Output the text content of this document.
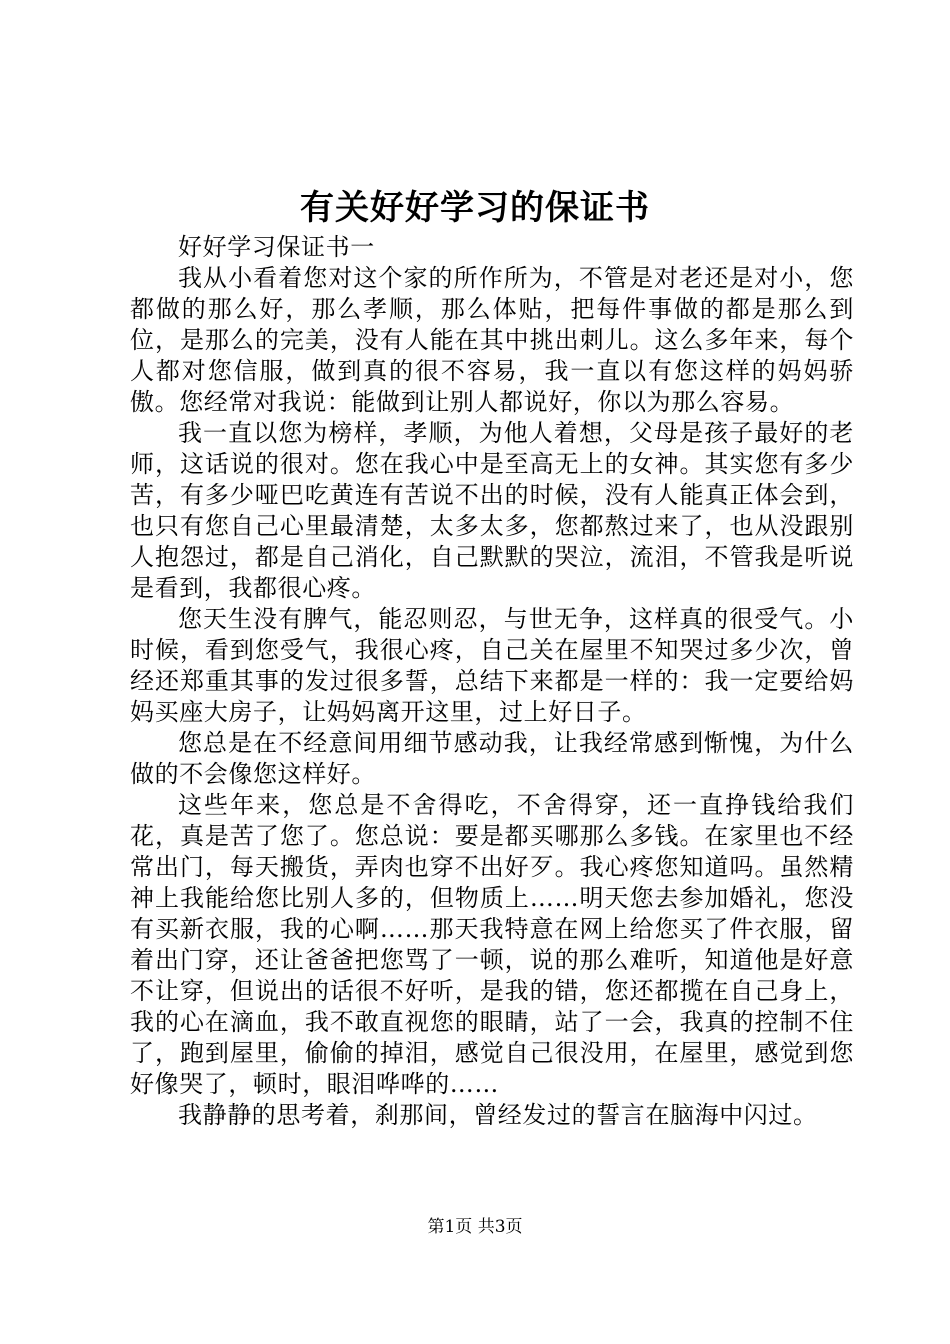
有关好好学习的保证书

好好学习保证书一

我从小看着您对这个家的所作所为，不管是对老还是对小，您都做的那么好，那么孝顺，那么体贴，把每件事做的都是那么到位，是那么的完美，没有人能在其中挑出刺儿。这么多年来，每个人都对您信服，做到真的很不容易，我一直以有您这样的妈妈骄傲。您经常对我说：能做到让别人都说好，你以为那么容易。

我一直以您为榜样，孝顺，为他人着想，父母是孩子最好的老师，这话说的很对。您在我心中是至高无上的女神。其实您有多少苦，有多少哑巴吃黄连有苦说不出的时候，没有人能真正体会到，也只有您自己心里最清楚，太多太多，您都熬过来了，也从没跟别人抱怨过，都是自己消化，自己默默的哭泣，流泪，不管我是听说是看到，我都很心疼。

您天生没有脾气，能忍则忍，与世无争，这样真的很受气。小时候，看到您受气，我很心疼，自己关在屋里不知哭过多少次，曾经还郑重其事的发过很多誓，总结下来都是一样的：我一定要给妈妈买座大房子，让妈妈离开这里，过上好日子。

您总是在不经意间用细节感动我，让我经常感到惭愧，为什么做的不会像您这样好。

这些年来，您总是不舍得吃，不舍得穿，还一直挣钱给我们花，真是苦了您了。您总说：要是都买哪那么多钱。在家里也不经常出门，每天搬货，弄肉也穿不出好歹。我心疼您知道吗。虽然精神上我能给您比别人多的，但物质上……明天您去参加婚礼，您没有买新衣服，我的心啊……那天我特意在网上给您买了件衣服，留着出门穿，还让爸爸把您骂了一顿，说的那么难听，知道他是好意不让穿，但说出的话很不好听，是我的错，您还都揽在自己身上，我的心在滴血，我不敢直视您的眼睛，站了一会，我真的控制不住了，跑到屋里，偷偷的掉泪，感觉自己很没用，在屋里，感觉到您好像哭了，顿时，眼泪哗哗的……

我静静的思考着，刹那间，曾经发过的誓言在脑海中闪过。

第1页 共3页
